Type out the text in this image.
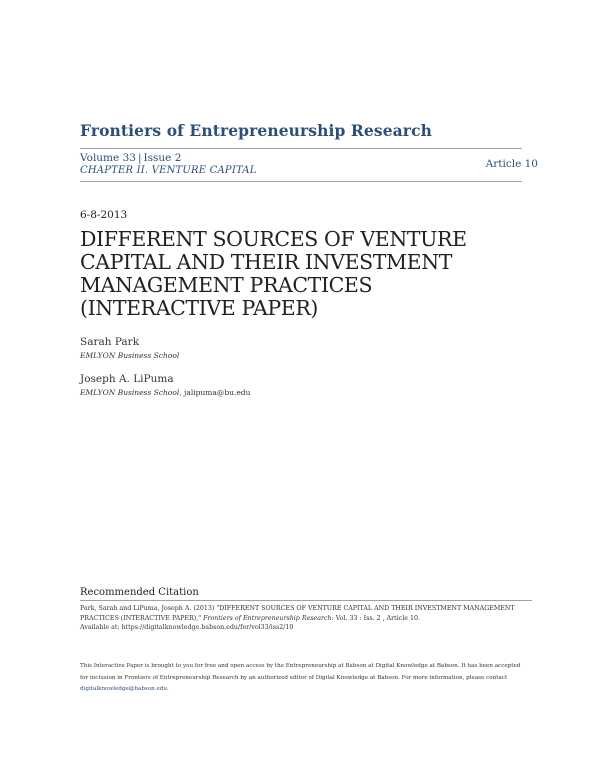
Frontiers of Entrepreneurship Research
Volume 33 | Issue 2
CHAPTER II. VENTURE CAPITAL
Article 10
6-8-2013
DIFFERENT SOURCES OF VENTURE
CAPITAL AND THEIR INVESTMENT
MANAGEMENT PRACTICES
(INTERACTIVE PAPER)
Sarah Park
EMLYON Business School
Joseph A. LiPuma
EMLYON Business School, jalipuma@bu.edu
Recommended Citation
Park, Sarah and LiPuma, Joseph A. (2013) "DIFFERENT SOURCES OF VENTURE CAPITAL AND THEIR INVESTMENT MANAGEMENT PRACTICES (INTERACTIVE PAPER)," Frontiers of Entrepreneurship Research: Vol. 33 : Iss. 2 , Article 10.
Available at: https://digitalknowledge.babson.edu/fer/vol33/iss2/10
This Interactive Paper is brought to you for free and open access by the Entrepreneurship at Babson at Digital Knowledge at Babson. It has been accepted for inclusion in Frontiers of Entrepreneurship Research by an authorized editor of Digital Knowledge at Babson. For more information, please contact digitalknowledge@babson.edu.
